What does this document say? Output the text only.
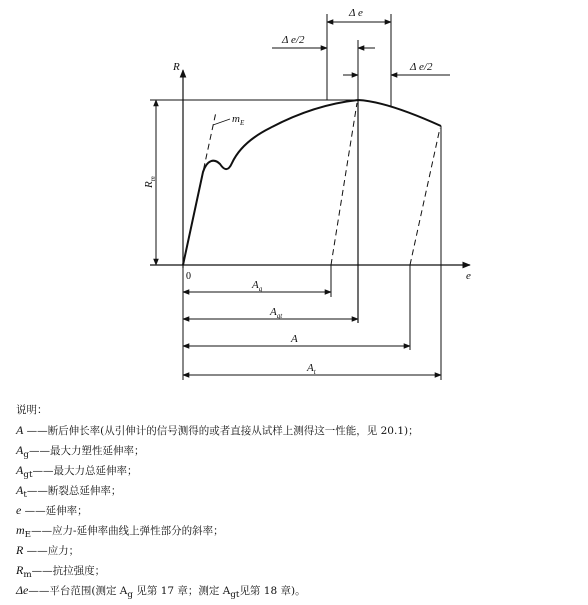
R
e
0
$R_m$
$m_E$
$A_g$
$A_{gt}$
A
$A_t$
Δ e
Δ e/2
Δ e/2
说明：
A ——断后伸长率(从引伸计的信号测得的或者直接从试样上测得这一性能，见 20.1)；
$A_g——$最大力塑性延伸率；
$A_{gt}——$最大力总延伸率；
$A_t——$断裂总延伸率；
e ——延伸率；
$m_E——$应力-延伸率曲线上弹性部分的斜率；
R ——应力；
$R_m——$抗拉强度；
Δe——平台范围(测定 $A_g$ 见第 17 章；测定 $A_{gt}$见第 18 章)。
